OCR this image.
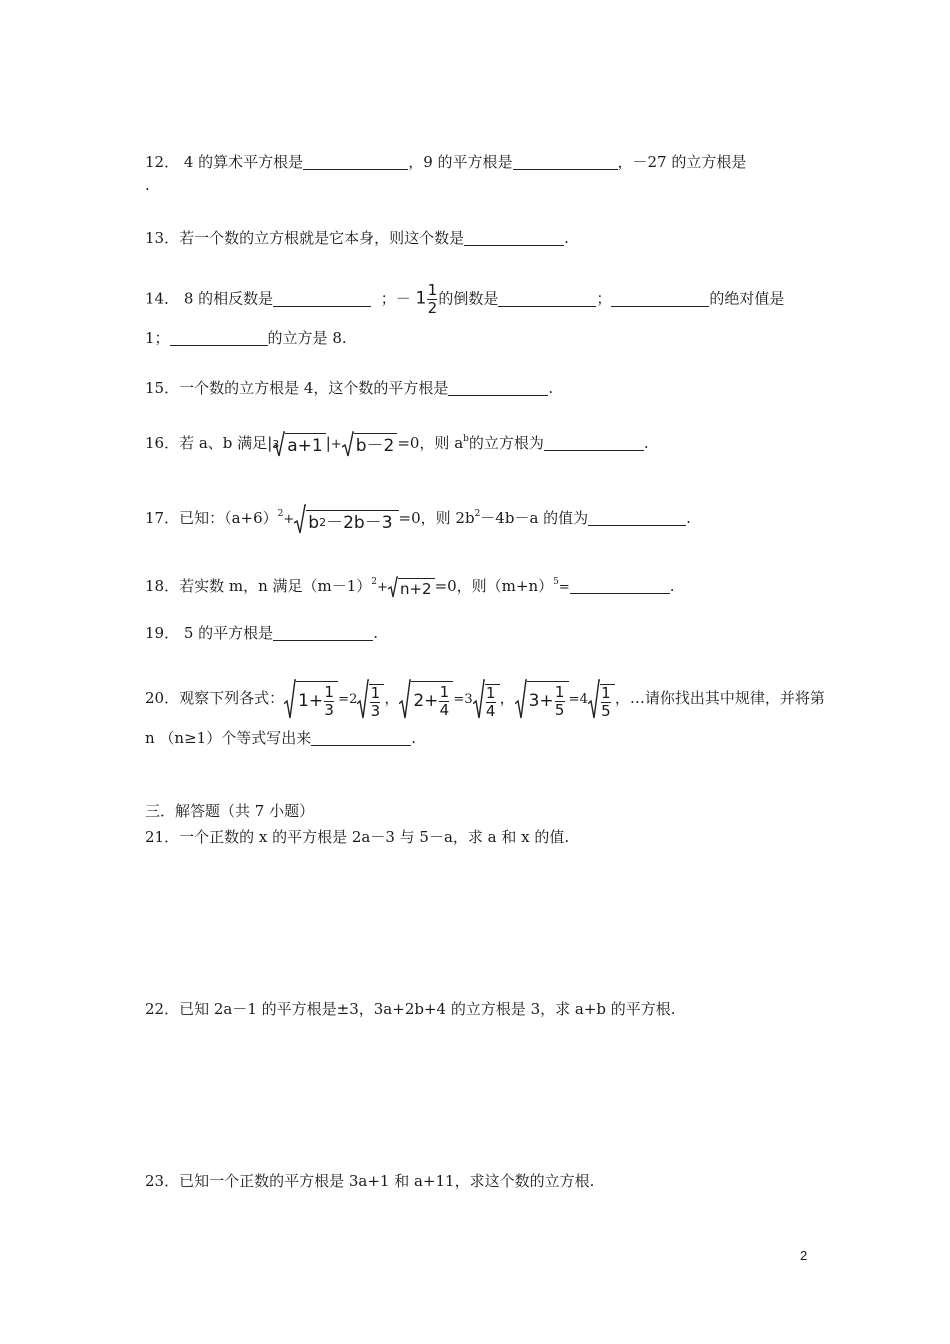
12． 4 的算术平方根是	，9 的平方根是	，－27 的立方根是
.
13．若一个数的立方根就是它本身，则这个数是	.
14． 8 的相反数是	；－ $1 \frac{1}{2}$ 的倒数是	；	的绝对值是
1；	的立方是 8.
15．一个数的立方根是 4，这个数的平方根是	.
16．若 a、b 满足| 3 a+1 |+ b－2 =0，则 $a^b$的立方根为	.
17．已知：$(a+6)^2+ b$ 2 －2b－3 =0，则 $2b^2-4b-a$ 的值为	.
18．若实数 m，n 满足$(m-1)^2+ n+2 =0$，则$(m+n)^5=$	.
19． 5 的平方根是	.
20．观察下列各式： $1+ \frac{1}{3} =2 \frac{1}{3}$ ， $2+ \frac{1}{4} =3 \frac{1}{4}$ ， $3+ \frac{1}{5} =4 \frac{1}{5}$ ，…请你找出其中规律，并将第
n （n≥1）个等式写出来	.
三．解答题（共 7 小题）
21．一个正数的 x 的平方根是 2a－3 与 5－a，求 a 和 x 的值.
22．已知 2a－1 的平方根是±3，3a+2b+4 的立方根是 3，求 a+b 的平方根.
23．已知一个正数的平方根是 3a+1 和 a+11，求这个数的立方根.
2
